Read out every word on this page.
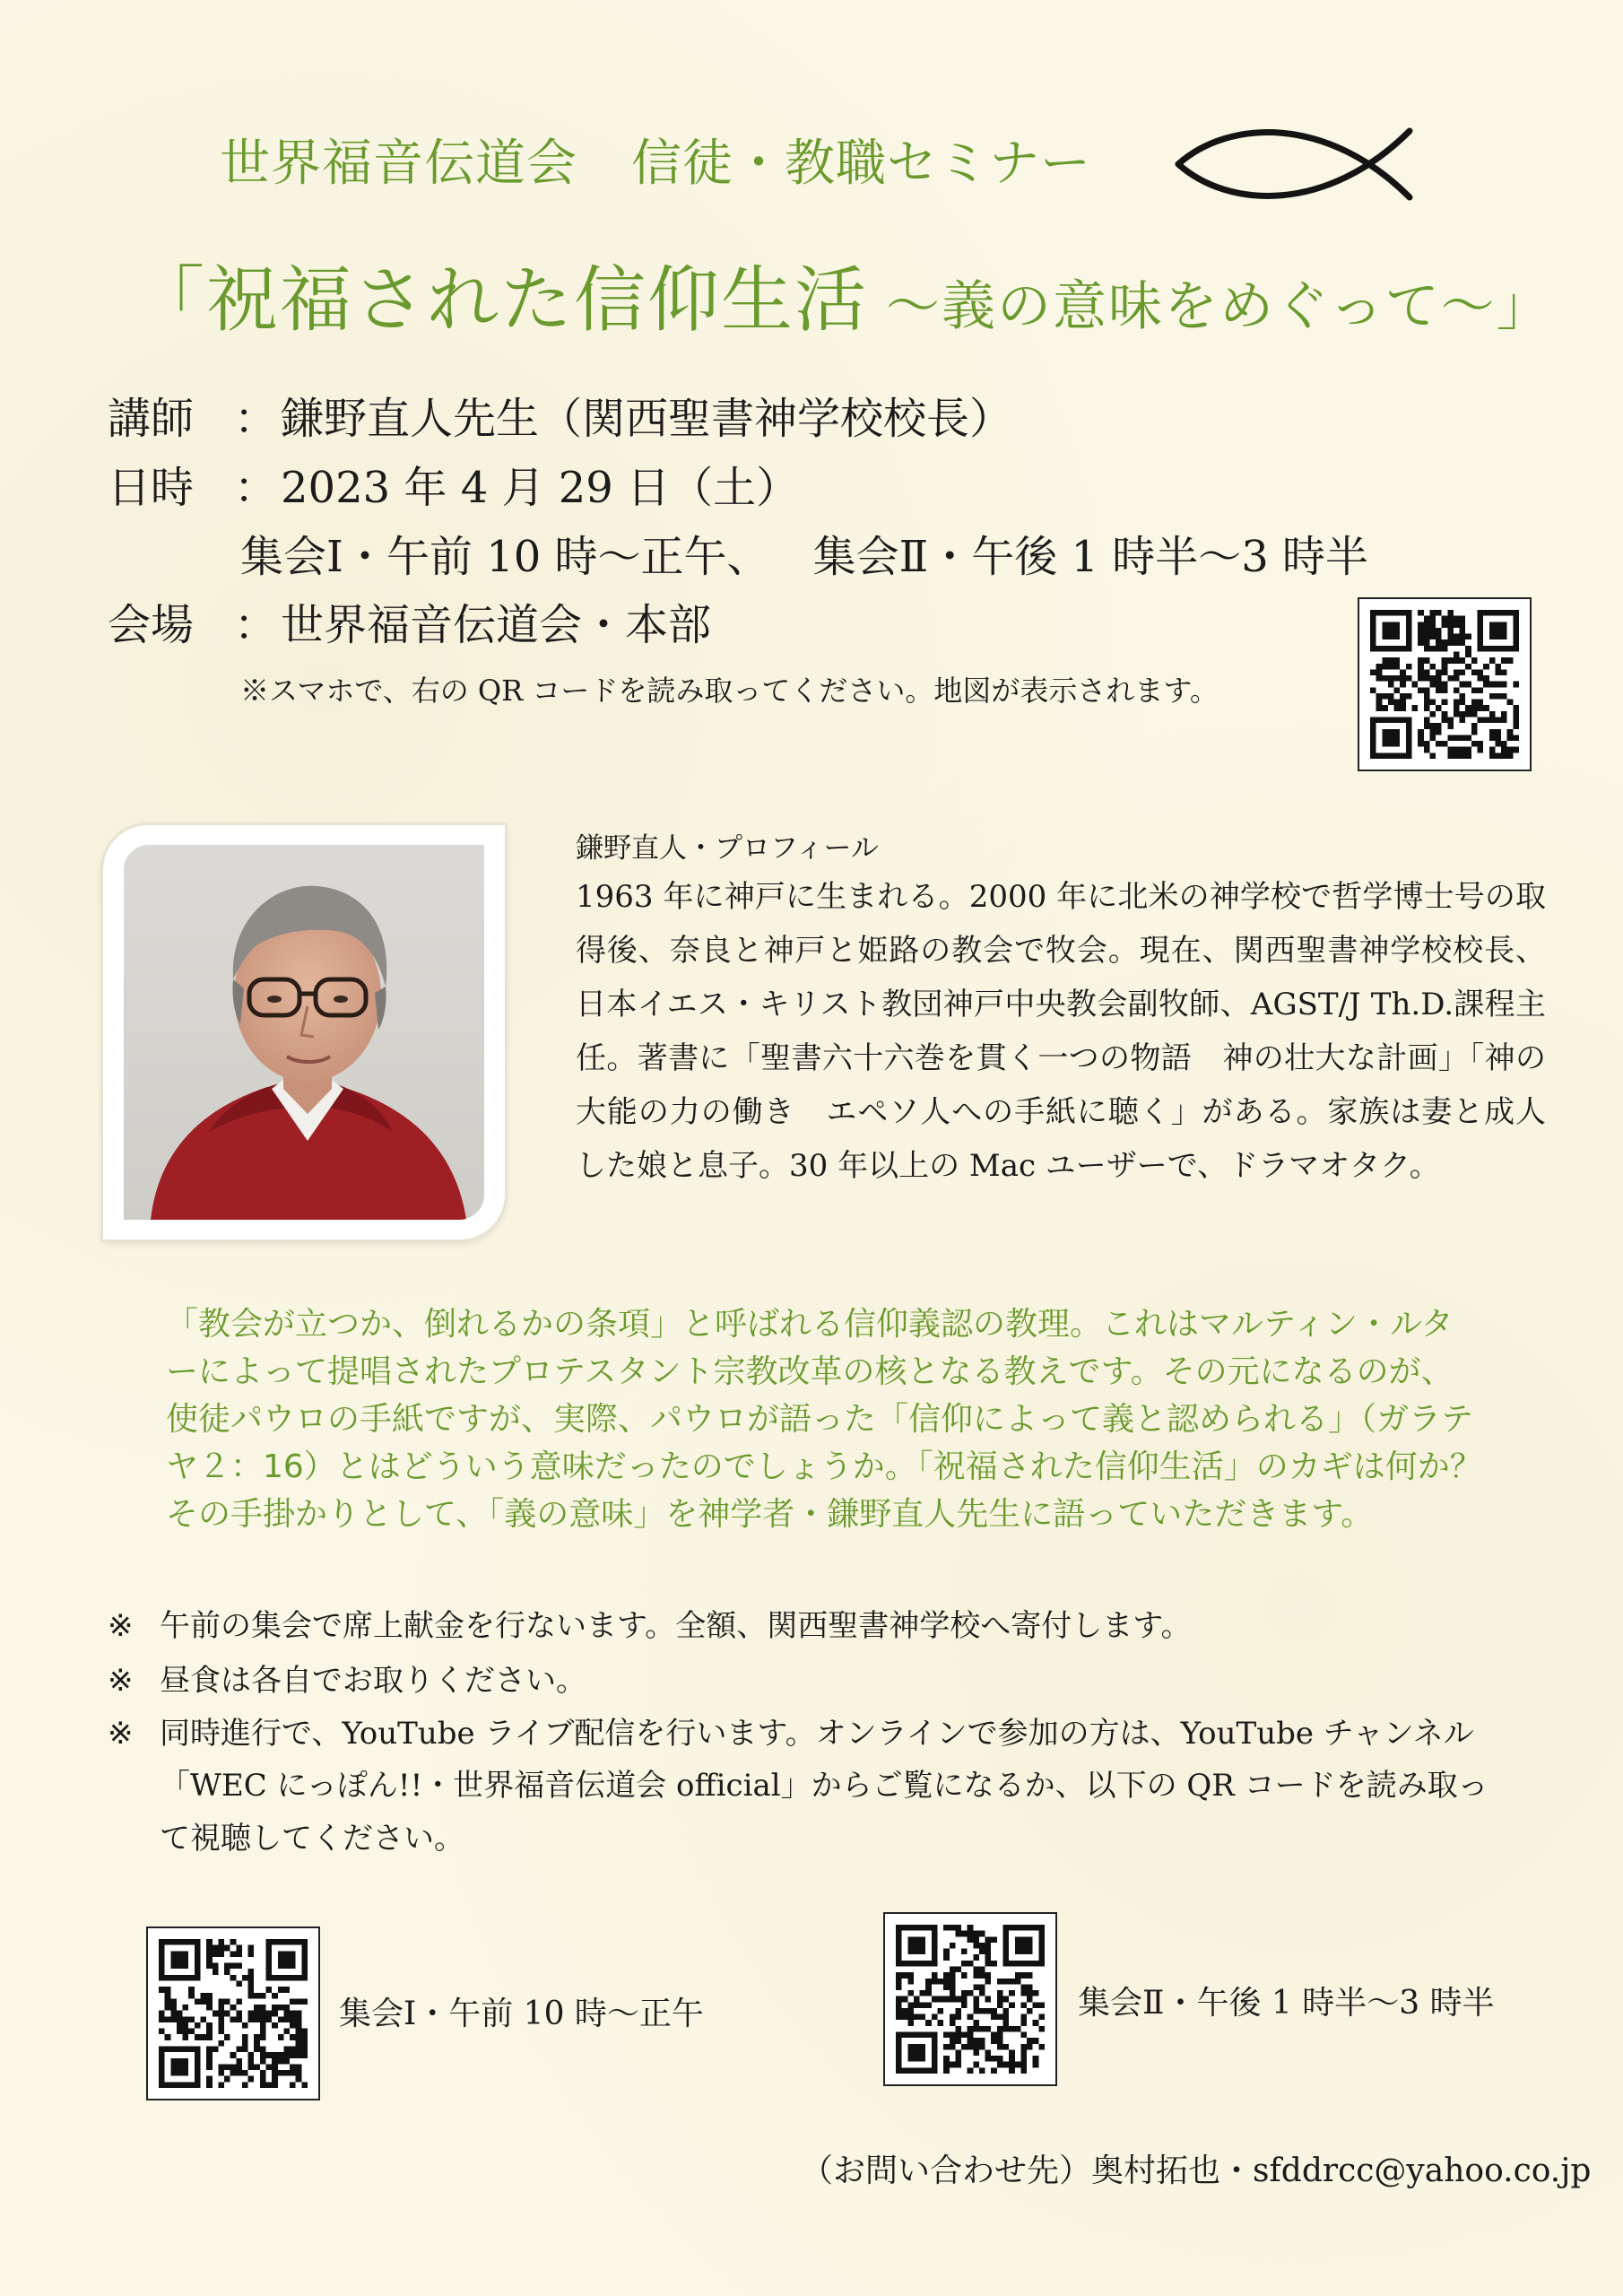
世界福音伝道会 信徒・教職セミナー
「祝福された信仰生活 〜義の意味をめぐって〜」
講師 ：鎌野直人先生（関西聖書神学校校長）
日時 ：2023 年 4 月 29 日（土）
集会Ⅰ・午前 10 時〜正午、 集会Ⅱ・午後 1 時半〜3 時半
会場 ：世界福音伝道会・本部
※スマホで、右の QR コードを読み取ってください。地図が表示されます。
鎌野直人・プロフィール
1963 年に神戸に生まれる。2000 年に北米の神学校で哲学博士号の取得後、奈良と神戸と姫路の教会で牧会。現在、関西聖書神学校校長、日本イエス・キリスト教団神戸中央教会副牧師、AGST/J Th.D.課程主任。著書に「聖書六十六巻を貫く一つの物語　神の壮大な計画」「神の大能の力の働き　エペソ人への手紙に聴く」がある。家族は妻と成人した娘と息子。30 年以上の Mac ユーザーで、ドラマオタク。
「教会が立つか、倒れるかの条項」と呼ばれる信仰義認の教理。これはマルティン・ルターによって提唱されたプロテスタント宗教改革の核となる教えです。その元になるのが、使徒パウロの手紙ですが、実際、パウロが語った「信仰によって義と認められる」（ガラテヤ２：16）とはどういう意味だったのでしょうか。「祝福された信仰生活」のカギは何か？その手掛かりとして、「義の意味」を神学者・鎌野直人先生に語っていただきます。
※ 午前の集会で席上献金を行ないます。全額、関西聖書神学校へ寄付します。
※ 昼食は各自でお取りください。
※ 同時進行で、YouTube ライブ配信を行います。オンラインで参加の方は、YouTube チャンネル
「WEC にっぽん!!・世界福音伝道会 official」からご覧になるか、以下の QR コードを読み取っ
て視聴してください。
集会Ⅰ・午前 10 時〜正午	集会Ⅱ・午後 1 時半〜3 時半
（お問い合わせ先）奥村拓也・sfddrcc@yahoo.co.jp
